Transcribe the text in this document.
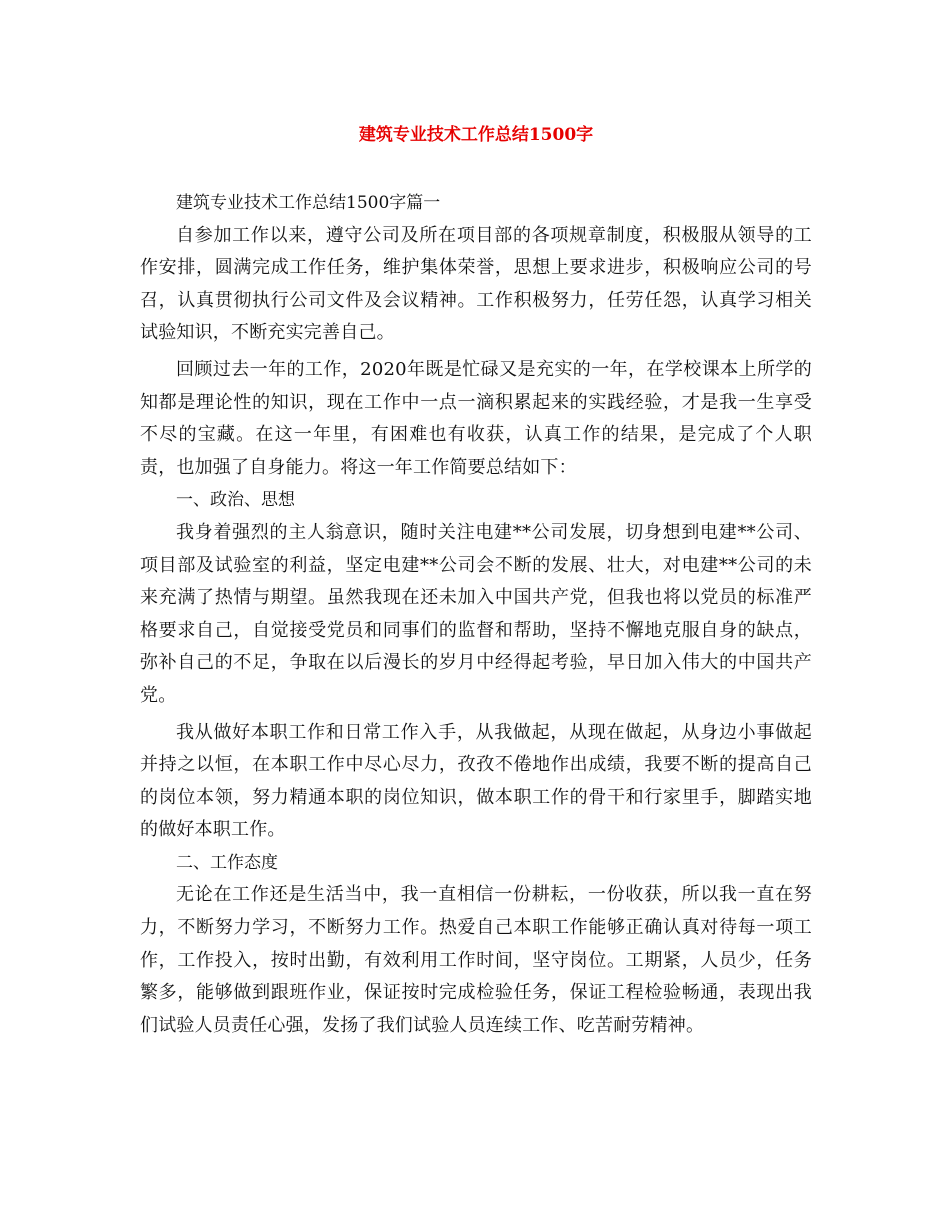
建筑专业技术工作总结1500字

建筑专业技术工作总结1500字篇一

自参加工作以来，遵守公司及所在项目部的各项规章制度，积极服从领导的工作安排，圆满完成工作任务，维护集体荣誉，思想上要求进步，积极响应公司的号召，认真贯彻执行公司文件及会议精神。工作积极努力，任劳任怨，认真学习相关试验知识，不断充实完善自己。

回顾过去一年的工作，2020年既是忙碌又是充实的一年，在学校课本上所学的知都是理论性的知识，现在工作中一点一滴积累起来的实践经验，才是我一生享受不尽的宝藏。在这一年里，有困难也有收获，认真工作的结果，是完成了个人职责，也加强了自身能力。将这一年工作简要总结如下：

一、政治、思想

我身着强烈的主人翁意识，随时关注电建**公司发展，切身想到电建**公司、项目部及试验室的利益，坚定电建**公司会不断的发展、壮大，对电建**公司的未来充满了热情与期望。虽然我现在还未加入中国共产党，但我也将以党员的标准严格要求自己，自觉接受党员和同事们的监督和帮助，坚持不懈地克服自身的缺点，弥补自己的不足，争取在以后漫长的岁月中经得起考验，早日加入伟大的中国共产党。

我从做好本职工作和日常工作入手，从我做起，从现在做起，从身边小事做起并持之以恒，在本职工作中尽心尽力，孜孜不倦地作出成绩，我要不断的提高自己的岗位本领，努力精通本职的岗位知识，做本职工作的骨干和行家里手，脚踏实地的做好本职工作。

二、工作态度

无论在工作还是生活当中，我一直相信一份耕耘，一份收获，所以我一直在努力，不断努力学习，不断努力工作。热爱自己本职工作能够正确认真对待每一项工作，工作投入，按时出勤，有效利用工作时间，坚守岗位。工期紧，人员少，任务繁多，能够做到跟班作业，保证按时完成检验任务，保证工程检验畅通，表现出我们试验人员责任心强，发扬了我们试验人员连续工作、吃苦耐劳精神。
